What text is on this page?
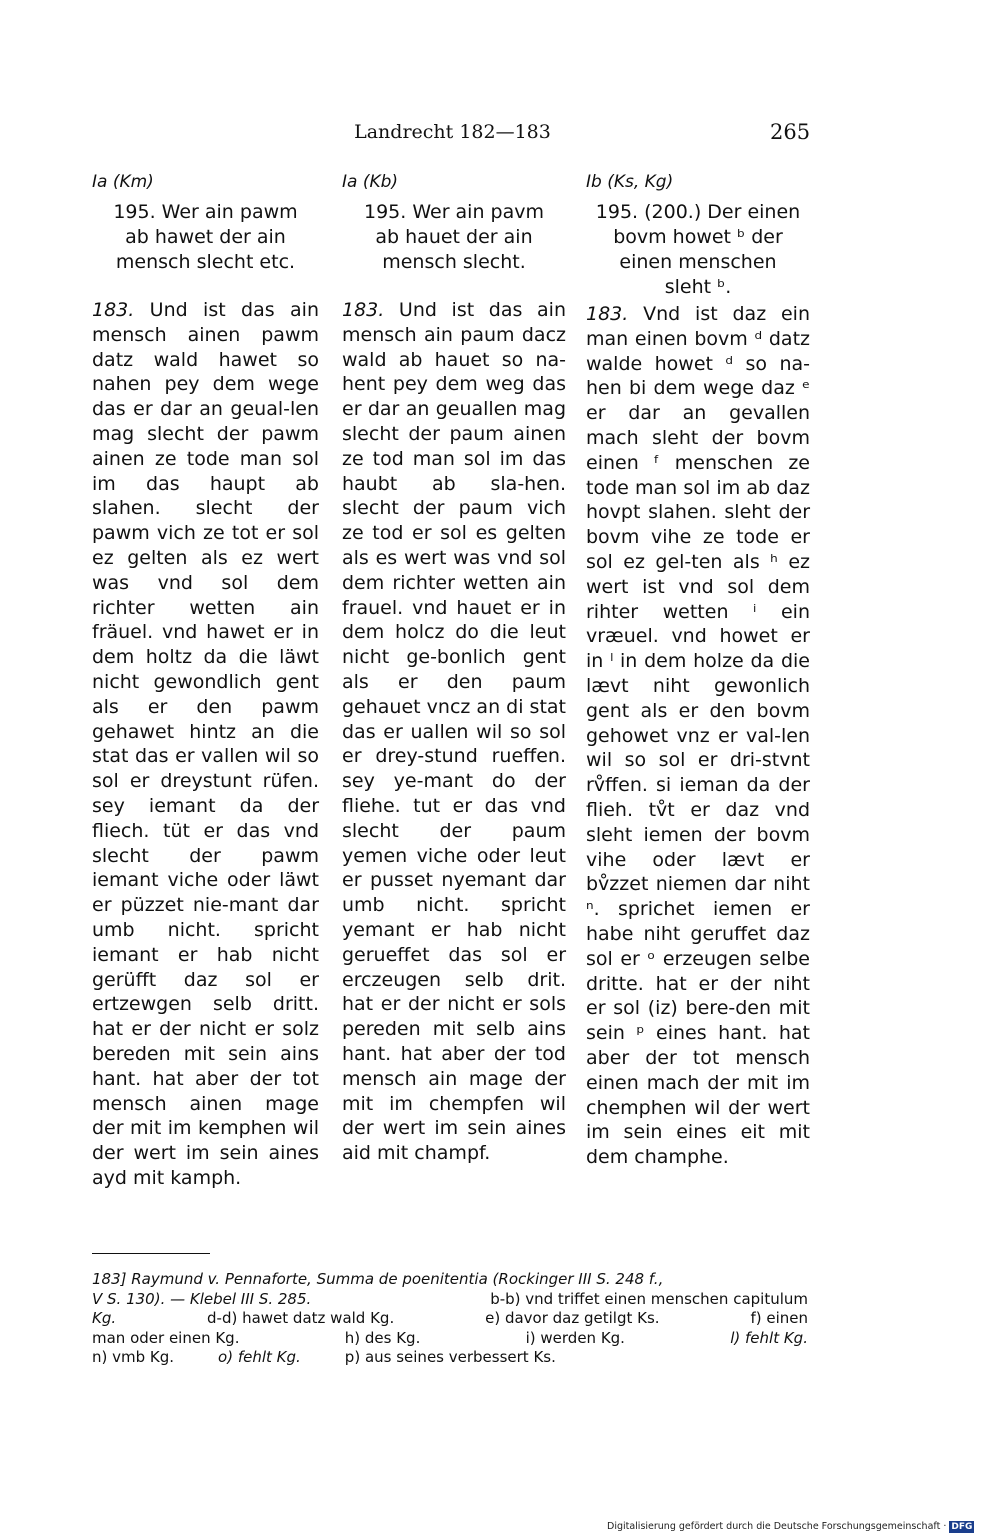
Landrecht 182—183	265
Ia (Km)
195. Wer ain pawm
ab hawet der ain
mensch slecht etc.

183. Und ist das ain mensch ainen pawm datz wald hawet so nahen pey dem wege das er dar an geual-len mag slecht der pawm ainen ze tode man sol im das haupt ab slahen. slecht der pawm vich ze tot er sol ez gelten als ez wert was vnd sol dem richter wetten ain fräuel. vnd hawet er in dem holtz da die läwt nicht gewondlich gent als er den pawm gehawet hintz an die stat das er vallen wil so sol er dreystunt rüfen. sey iemant da der fliech. tüt er das vnd slecht der pawm iemant viche oder läwt er püzzet nie-mant dar umb nicht. spricht iemant er hab nicht gerüfft daz sol er ertzewgen selb dritt. hat er der nicht er solz bereden mit sein ains hant. hat aber der tot mensch ainen mage der mit im kemphen wil der wert im sein aines ayd mit kamph.

Ia (Kb)
195. Wer ain pavm
ab hauet der ain
mensch slecht.

183. Und ist das ain mensch ain paum dacz wald ab hauet so na-hent pey dem weg das er dar an geuallen mag slecht der paum ainen ze tod man sol im das haubt ab sla-hen. slecht der paum vich ze tod er sol es gelten als es wert was vnd sol dem richter wetten ain frauel. vnd hauet er in dem holcz do die leut nicht ge-bonlich gent als er den paum gehauet vncz an di stat das er uallen wil so sol er drey-stund rueffen. sey ye-mant do der fliehe. tut er das vnd slecht der paum yemen viche oder leut er pusset nyemant dar umb nicht. spricht yemant er hab nicht gerueffet das sol er erczeugen selb drit. hat er der nicht er sols pereden mit selb ains hant. hat aber der tod mensch ain mage der mit im chempfen wil der wert im sein aines aid mit champf.

Ib (Ks, Kg)
195. (200.) Der einen
bovm howet ᵇ der
einen menschen
sleht ᵇ.

183. Vnd ist daz ein man einen bovm ᵈ datz walde howet ᵈ so na-hen bi dem wege daz ᵉ er dar an gevallen mach sleht der bovm einen ᶠ menschen ze tode man sol im ab daz hovpt slahen. sleht der bovm vihe ze tode er sol ez gel-ten als ʰ ez wert ist vnd sol dem rihter wetten ⁱ ein vræuel. vnd howet er in ˡ in dem holze da die lævt niht gewonlich gent als er den bovm gehowet vnz er val-len wil so sol er dri-stvnt rv̊ffen. si ieman da der flieh. tv̊t er daz vnd sleht iemen der bovm vihe oder lævt er bv̊zzet niemen dar niht ⁿ. sprichet iemen er habe niht geruffet daz sol er ᵒ erzeugen selbe dritte. hat er der niht er sol (iz) bere-den mit sein ᵖ eines hant. hat aber der tot mensch einen mach der mit im chemphen wil der wert im sein eines eit mit dem champhe.

183] Raymund v. Pennaforte, Summa de poenitentia (Rockinger III S. 248 f.,
V S. 130). — Klebel III S. 285.	b-b) vnd triffet einen menschen capitulum
Kg.	d-d) hawet datz wald Kg.	e) davor daz getilgt Ks.	f) einen
man oder einen Kg.	h) des Kg.	i) werden Kg.	l) fehlt Kg.
n) vmb Kg.	o) fehlt Kg.	p) aus seines verbessert Ks.
Digitalisierung gefördert durch die Deutsche Forschungsgemeinschaft · DFG
